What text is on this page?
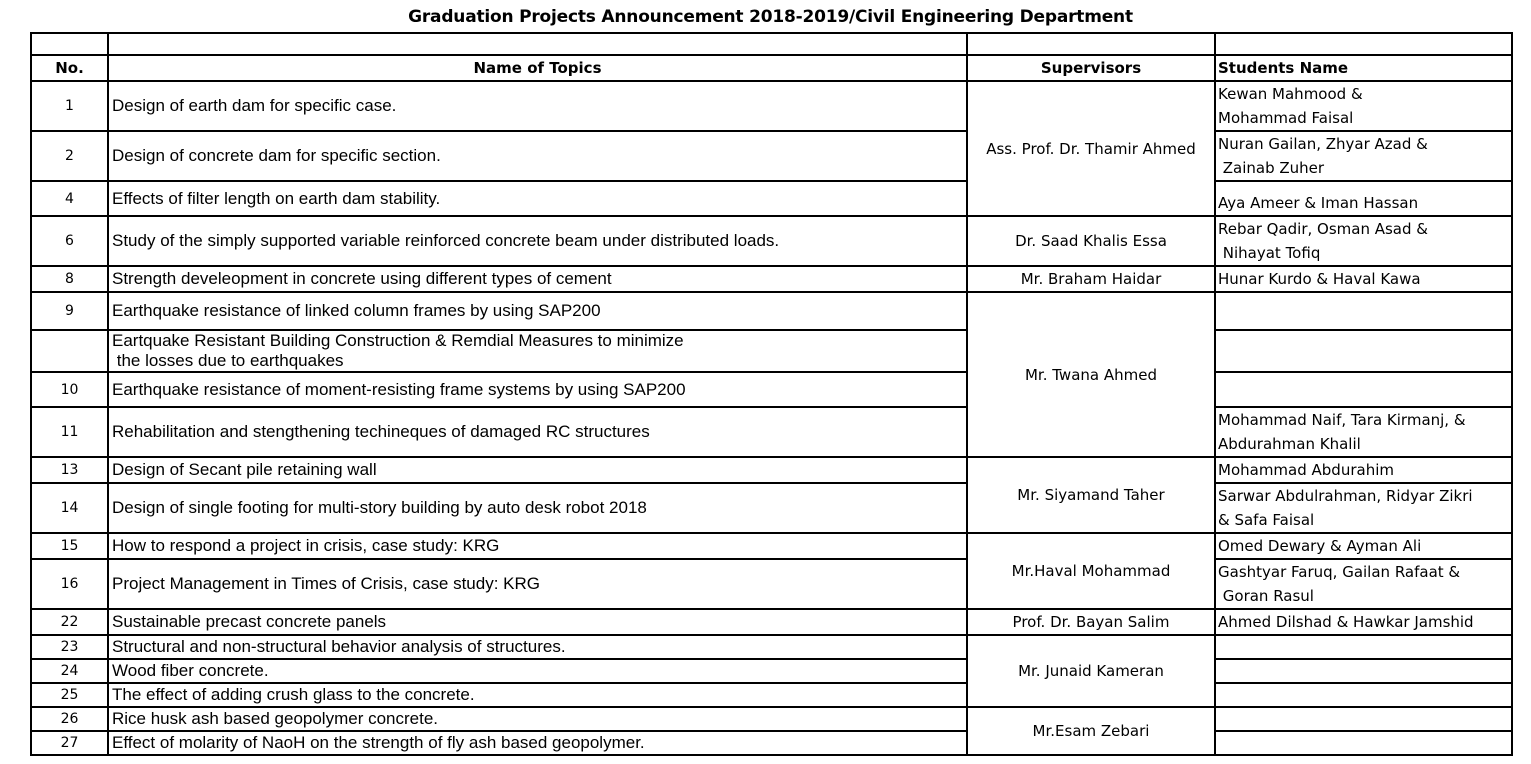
Graduation Projects Announcement 2018-2019/Civil Engineering Department

No.	Name of Topics	Supervisors	Students Name
1	Design of earth dam for specific case.	Ass. Prof. Dr. Thamir Ahmed	Kewan Mahmood &
Mohammad Faisal

2	Design of concrete dam for specific section.		Nuran Gailan, Zhyar Azad &
Zainab Zuher

4	Effects of filter length on earth dam stability.		Aya Ameer & Iman Hassan
6	Study of the simply supported variable reinforced concrete beam under distributed loads.	Dr. Saad Khalis Essa	Rebar Qadir, Osman Asad &
Nihayat Tofiq

8	Strength develeopment in concrete using different types of cement	Mr. Braham Haidar	Hunar Kurdo & Haval Kawa
9	Earthquake resistance of linked column frames by using SAP200	Mr. Twana Ahmed	

	Eartquake Resistant Building Construction & Remdial Measures to minimize
the losses due to earthquakes		

10	Earthquake resistance of moment-resisting frame systems by using SAP200		
11	Rehabilitation and stengthening techineques of damaged RC structures		Mohammad Naif, Tara Kirmanj, &
Abdurahman Khalil

13	Design of Secant pile retaining wall	Mr. Siyamand Taher	Mohammad Abdurahim
14	Design of single footing for multi-story building by auto desk robot 2018		Sarwar Abdulrahman, Ridyar Zikri
& Safa Faisal

15	How to respond a project in crisis, case study: KRG	Mr.Haval Mohammad	Omed Dewary & Ayman Ali
16	Project Management in Times of Crisis, case study: KRG		Gashtyar Faruq, Gailan Rafaat &
Goran Rasul

22	Sustainable precast concrete panels	Prof. Dr. Bayan Salim	Ahmed Dilshad & Hawkar Jamshid
23	Structural and non-structural behavior analysis of structures.	Mr. Junaid Kameran	
24	Wood fiber concrete.		
25	The effect of adding crush glass to the concrete.		
26	Rice husk ash based geopolymer concrete.	Mr.Esam Zebari	
27	Effect of molarity of NaoH on the strength of fly ash based geopolymer.		
